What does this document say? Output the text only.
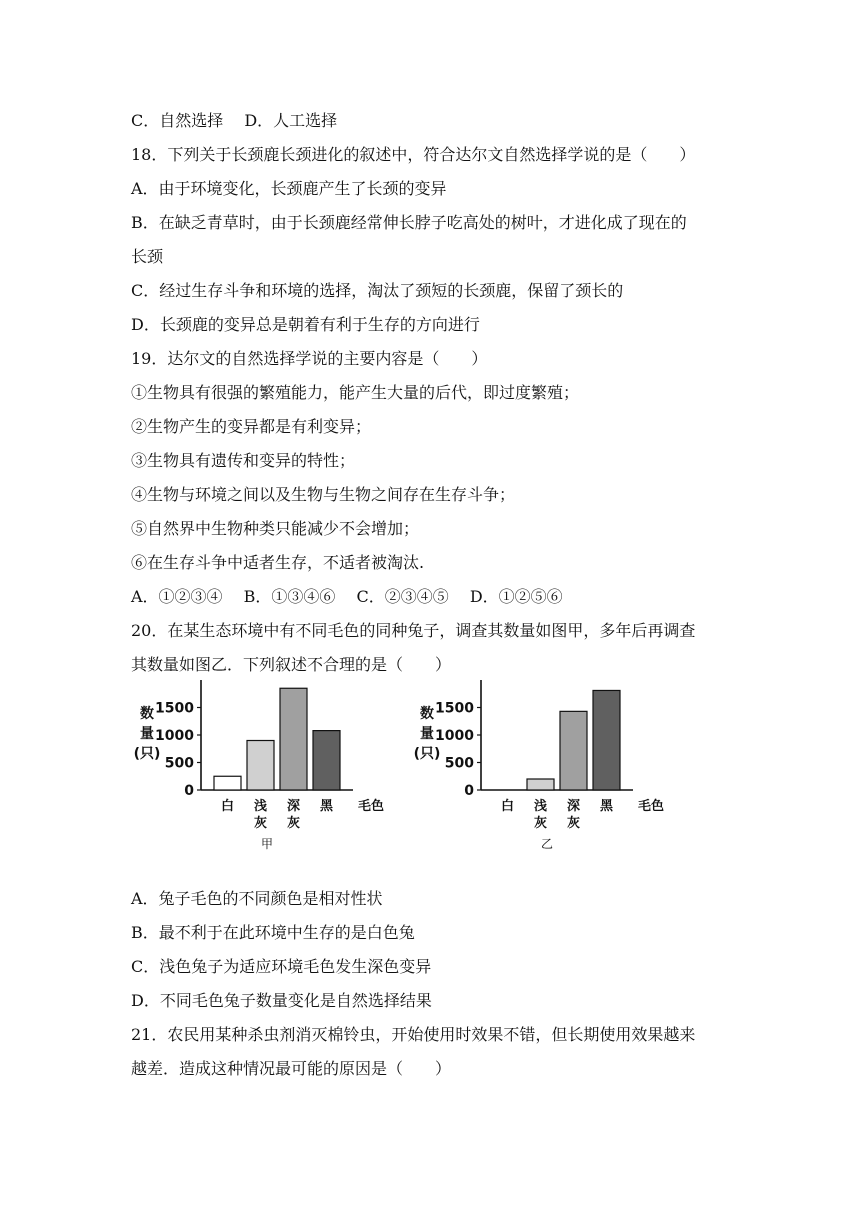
C．自然选择　 D．人工选择
18．下列关于长颈鹿长颈进化的叙述中，符合达尔文自然选择学说的是（　　）
A．由于环境变化，长颈鹿产生了长颈的变异
B．在缺乏青草时，由于长颈鹿经常伸长脖子吃高处的树叶，才进化成了现在的
长颈
C．经过生存斗争和环境的选择，淘汰了颈短的长颈鹿，保留了颈长的
D．长颈鹿的变异总是朝着有利于生存的方向进行
19．达尔文的自然选择学说的主要内容是（　　）
①生物具有很强的繁殖能力，能产生大量的后代，即过度繁殖；
②生物产生的变异都是有利变异；
③生物具有遗传和变异的特性；
④生物与环境之间以及生物与生物之间存在生存斗争；
⑤自然界中生物种类只能减少不会增加；
⑥在生存斗争中适者生存，不适者被淘汰.
A．①②③④　 B．①③④⑥　 C．②③④⑤　 D．①②⑤⑥
20．在某生态环境中有不同毛色的同种兔子，调查其数量如图甲，多年后再调查
其数量如图乙．下列叙述不合理的是（　　）
0
500
1000
1500
数量(只)
白 浅灰
深灰
黑 毛色
甲
0
500
1000
1500
数量(只)
白 浅灰
深灰
黑 毛色
乙
A．兔子毛色的不同颜色是相对性状
B．最不利于在此环境中生存的是白色兔
C．浅色兔子为适应环境毛色发生深色变异
D．不同毛色兔子数量变化是自然选择结果
21．农民用某种杀虫剂消灭棉铃虫，开始使用时效果不错，但长期使用效果越来
越差．造成这种情况最可能的原因是（　　）
